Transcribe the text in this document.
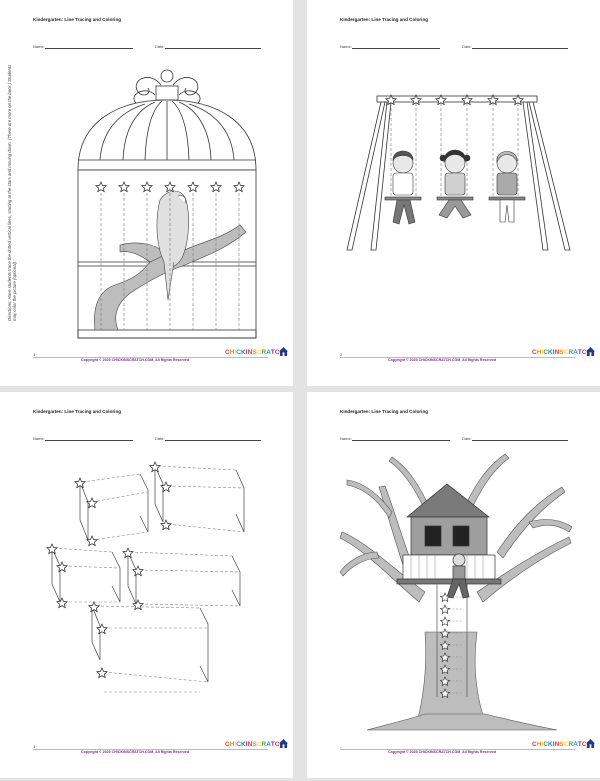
Kindergarten: Line Tracing and Coloring
Name:	Date:
Directions: Have students trace the dotted vertical lines, starting at the stars and moving down. (There are more on the back.) Students may color the picture (optional).
1
Copyright © 2025 CHICKINSCRATCH.COM. All Rights Reserved
CHICKINSCRATC
Kindergarten: Line Tracing and Coloring
Name:	Date:
2
Copyright © 2025 CHICKINSCRATCH.COM. All Rights Reserved
CHICKINSCRATC
Kindergarten: Line Tracing and Coloring
Name:	Date:
1
Copyright © 2025 CHICKINSCRATCH.COM. All Rights Reserved
CHICKINSCRATC
Kindergarten: Line Tracing and Coloring
Name:	Date:
-
Copyright © 2025 CHICKINSCRATCH.COM. All Rights Reserved
CHICKINSCRATC
